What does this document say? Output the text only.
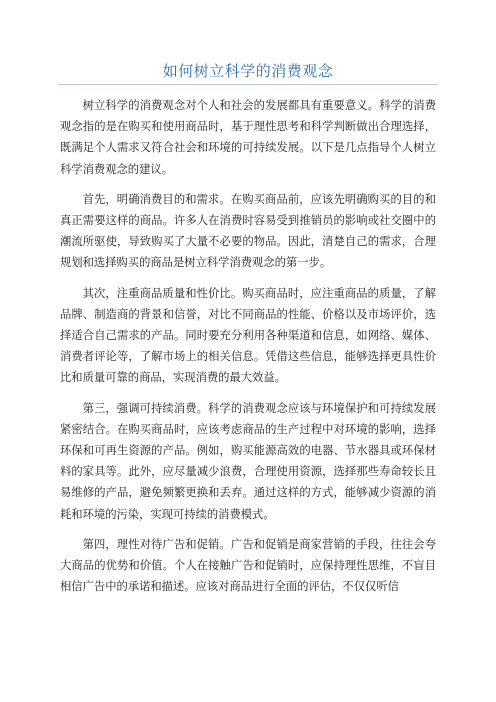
如何树立科学的消费观念

树立科学的消费观念对个人和社会的发展都具有重要意义。科学的消费观念指的是在购买和使用商品时，基于理性思考和科学判断做出合理选择，既满足个人需求又符合社会和环境的可持续发展。以下是几点指导个人树立科学消费观念的建议。

首先，明确消费目的和需求。在购买商品前，应该先明确购买的目的和真正需要这样的商品。许多人在消费时容易受到推销员的影响或社交圈中的潮流所驱使，导致购买了大量不必要的物品。因此，清楚自己的需求，合理规划和选择购买的商品是树立科学消费观念的第一步。

其次，注重商品质量和性价比。购买商品时，应注重商品的质量，了解品牌、制造商的背景和信誉，对比不同商品的性能、价格以及市场评价，选择适合自己需求的产品。同时要充分利用各种渠道和信息，如网络、媒体、消费者评论等，了解市场上的相关信息。凭借这些信息，能够选择更具性价比和质量可靠的商品，实现消费的最大效益。

第三，强调可持续消费。科学的消费观念应该与环境保护和可持续发展紧密结合。在购买商品时，应该考虑商品的生产过程中对环境的影响，选择环保和可再生资源的产品。例如，购买能源高效的电器、节水器具或环保材料的家具等。此外，应尽量减少浪费，合理使用资源，选择那些寿命较长且易维修的产品，避免频繁更换和丢弃。通过这样的方式，能够减少资源的消耗和环境的污染，实现可持续的消费模式。

第四，理性对待广告和促销。广告和促销是商家营销的手段，往往会夸大商品的优势和价值。个人在接触广告和促销时，应保持理性思维，不盲目相信广告中的承诺和描述。应该对商品进行全面的评估，不仅仅听信
